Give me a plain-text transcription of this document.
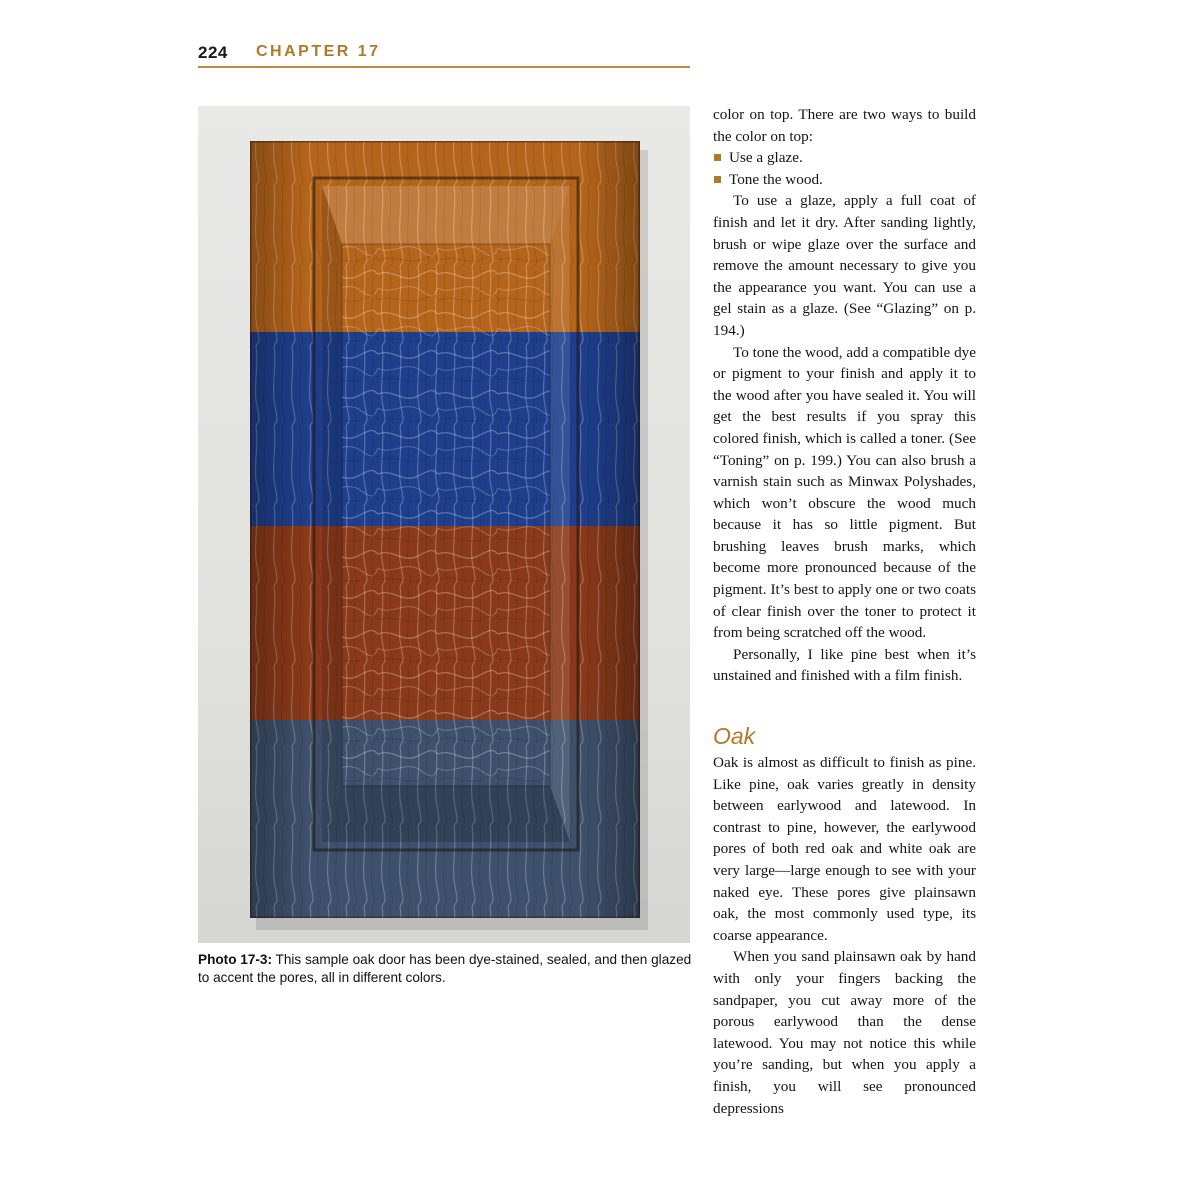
224 CHAPTER 17
Photo 17-3: This sample oak door has been dye-stained, sealed, and then glazed to accent the pores, all in different colors.

color on top. There are two ways to build the color on top:

Use a glaze.
Tone the wood.

To use a glaze, apply a full coat of finish and let it dry. After sanding lightly, brush or wipe glaze over the surface and remove the amount necessary to give you the appearance you want. You can use a gel stain as a glaze. (See “Glazing” on p. 194.)

To tone the wood, add a compatible dye or pigment to your finish and apply it to the wood after you have sealed it. You will get the best results if you spray this colored finish, which is called a toner. (See “Toning” on p. 199.) You can also brush a varnish stain such as Minwax Polyshades, which won’t obscure the wood much because it has so little pigment. But brushing leaves brush marks, which become more pronounced because of the pigment. It’s best to apply one or two coats of clear finish over the toner to protect it from being scratched off the wood.

Personally, I like pine best when it’s unstained and finished with a film finish.

Oak

Oak is almost as difficult to finish as pine. Like pine, oak varies greatly in density between earlywood and latewood. In contrast to pine, however, the earlywood pores of both red oak and white oak are very large—large enough to see with your naked eye. These pores give plainsawn oak, the most commonly used type, its coarse appearance.

When you sand plainsawn oak by hand with only your fingers backing the sandpaper, you cut away more of the porous earlywood than the dense latewood. You may not notice this while you’re sanding, but when you apply a finish, you will see pronounced depressions
